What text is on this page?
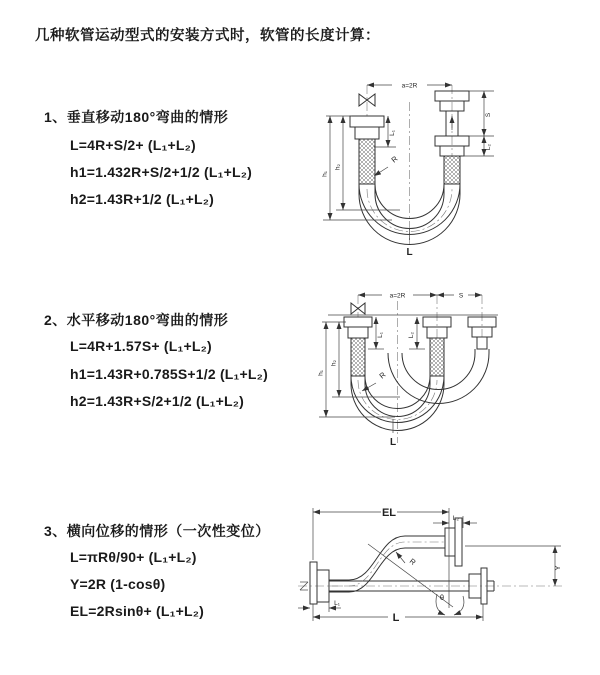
几种软管运动型式的安装方式时，软管的长度计算：
1、垂直移动180°弯曲的情形
L=4R+S/2+ (L₁+L₂)
h1=1.432R+S/2+1/2 (L₁+L₂)
h2=1.43R+1/2 (L₁+L₂)
2、水平移动180°弯曲的情形
L=4R+1.57S+ (L₁+L₂)
h1=1.43R+0.785S+1/2 (L₁+L₂)
h2=1.43R+S/2+1/2 (L₁+L₂)
3、横向位移的情形（一次性变位）
L=πRθ/90+ (L₁+L₂)
Y=2R (1-cosθ)
EL=2Rsinθ+ (L₁+L₂)
a=2R
h₂
h₁
L₁
S
L₂
R
L
a=2R	S
L₁	L₂
h₂
h₁	R
L
EL	L₂
Y
L
L₁
R
θ
